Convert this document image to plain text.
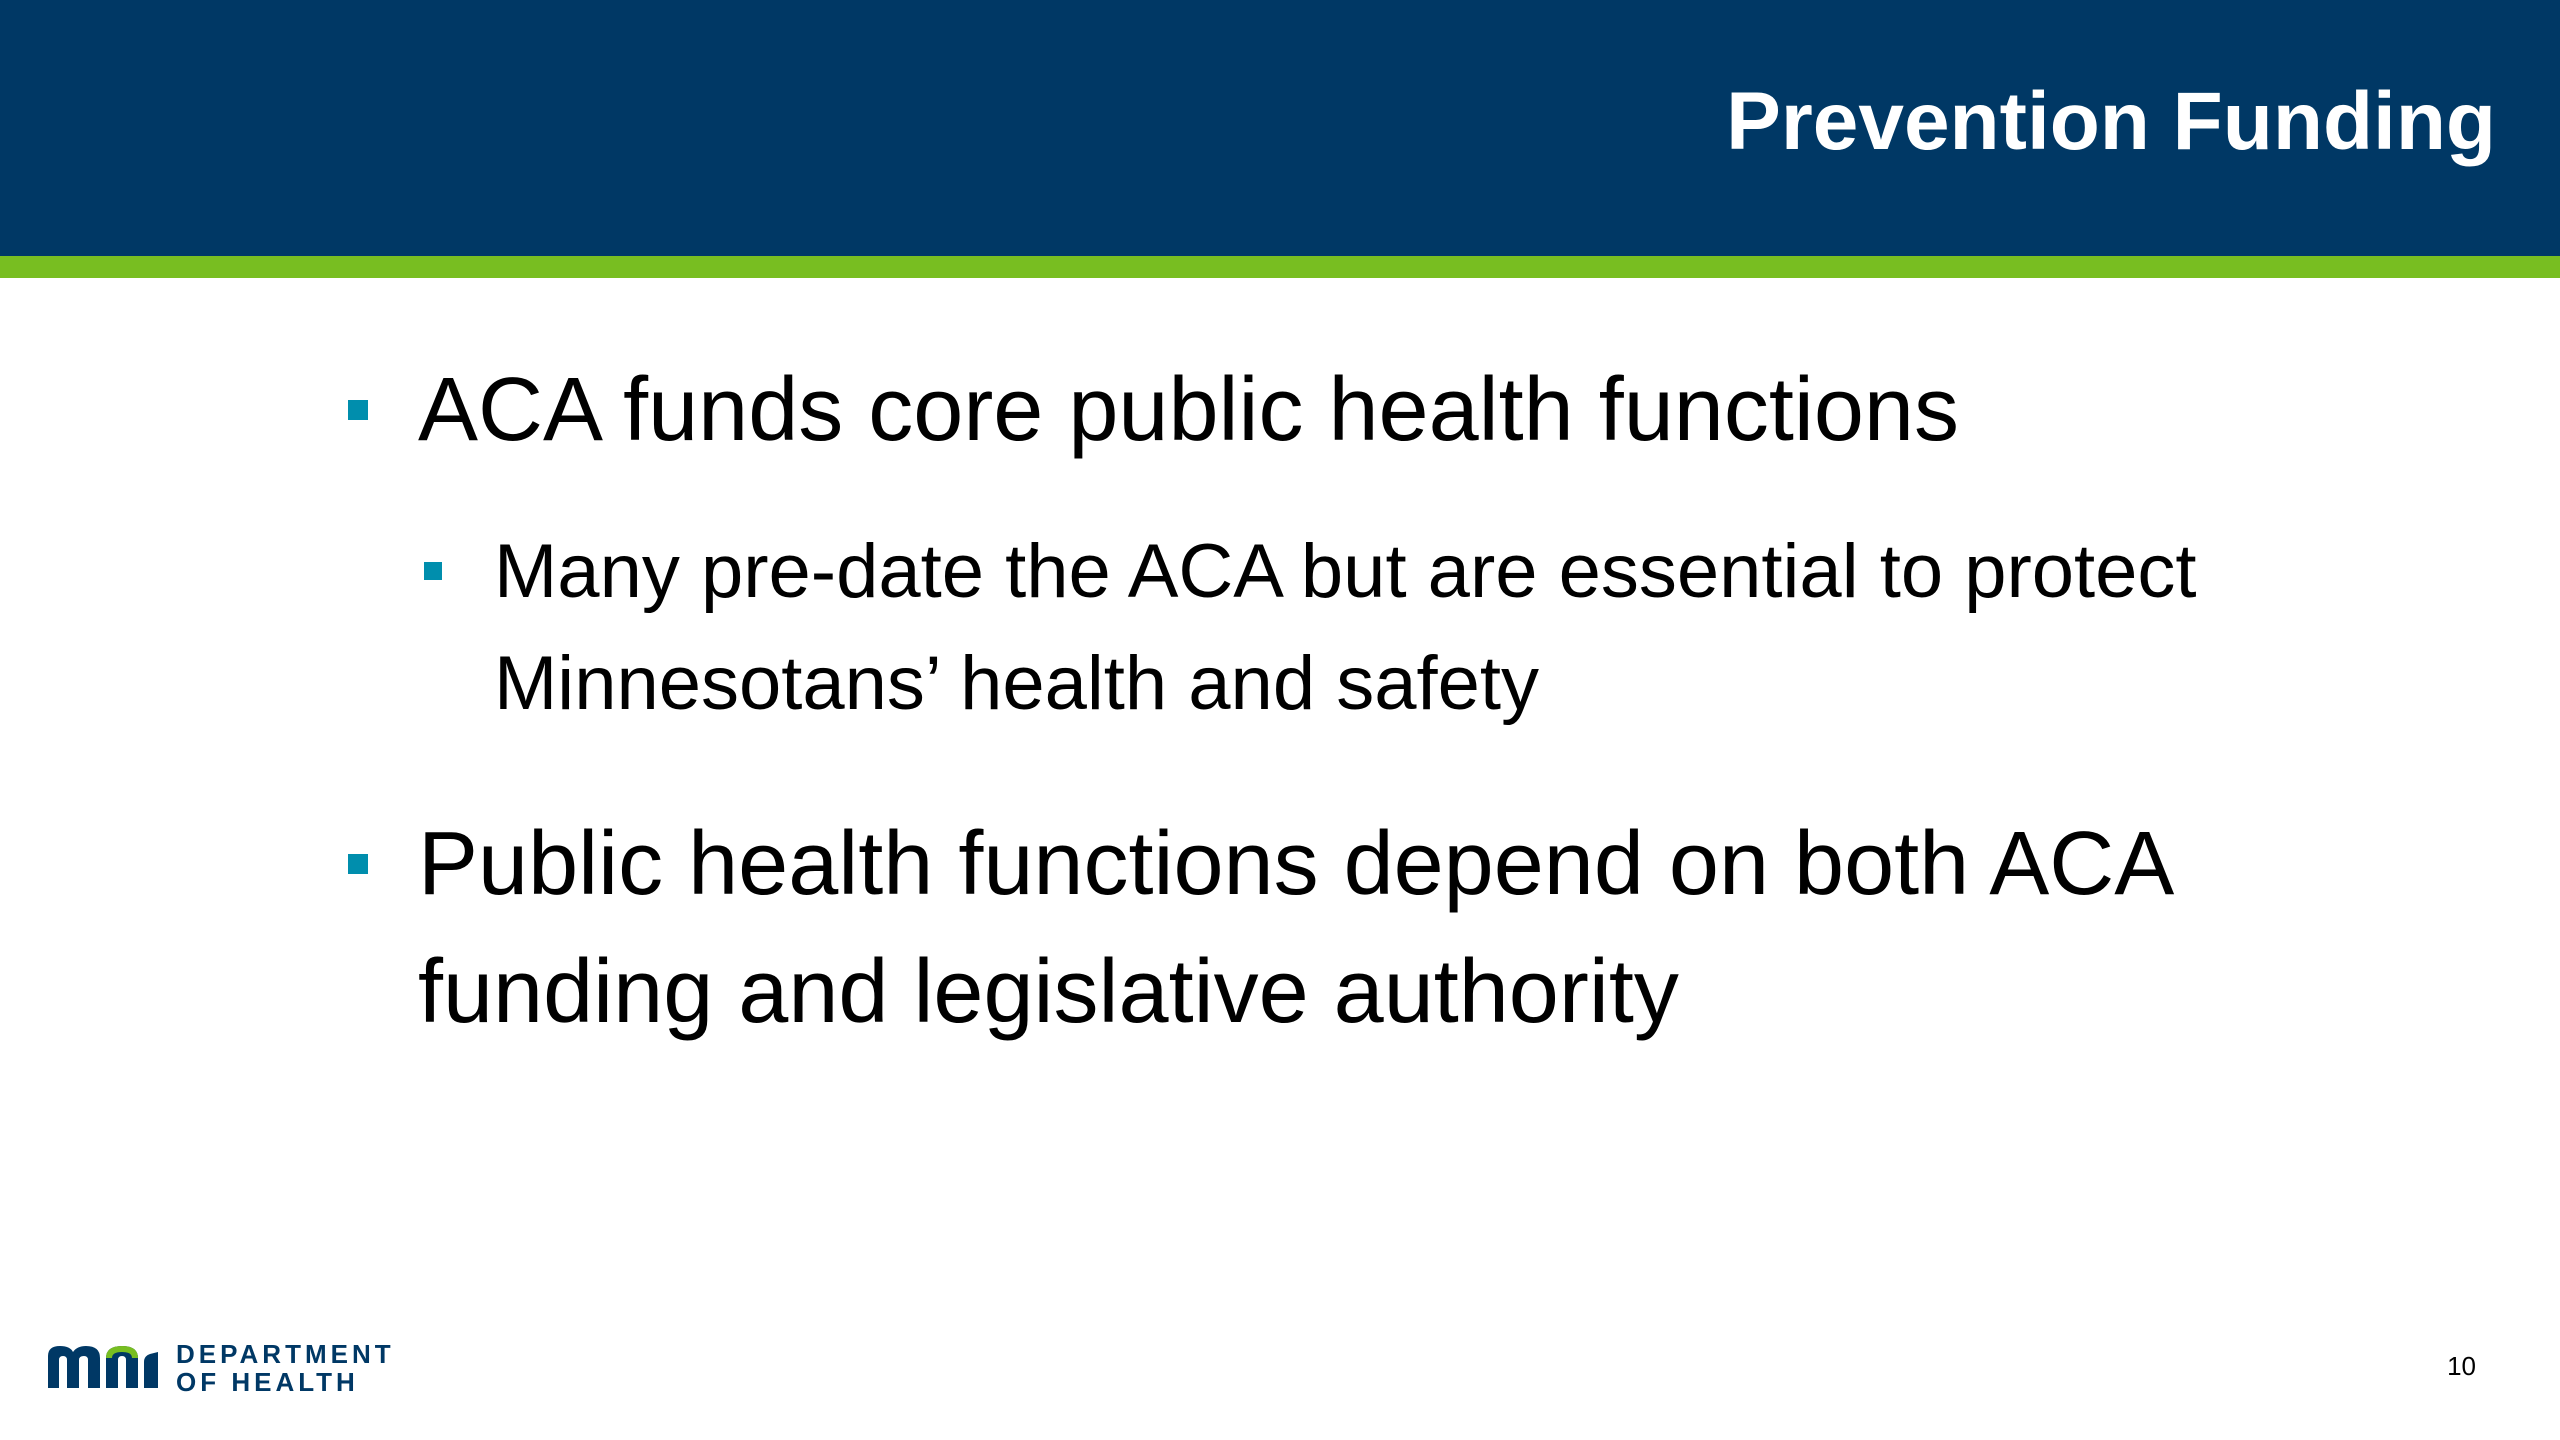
Prevention Funding
ACA funds core public health functions
Many pre-date the ACA but are essential to protect Minnesotans’ health and safety
Public health functions depend on both ACA funding and legislative authority
DEPARTMENT
OF HEALTH
10
